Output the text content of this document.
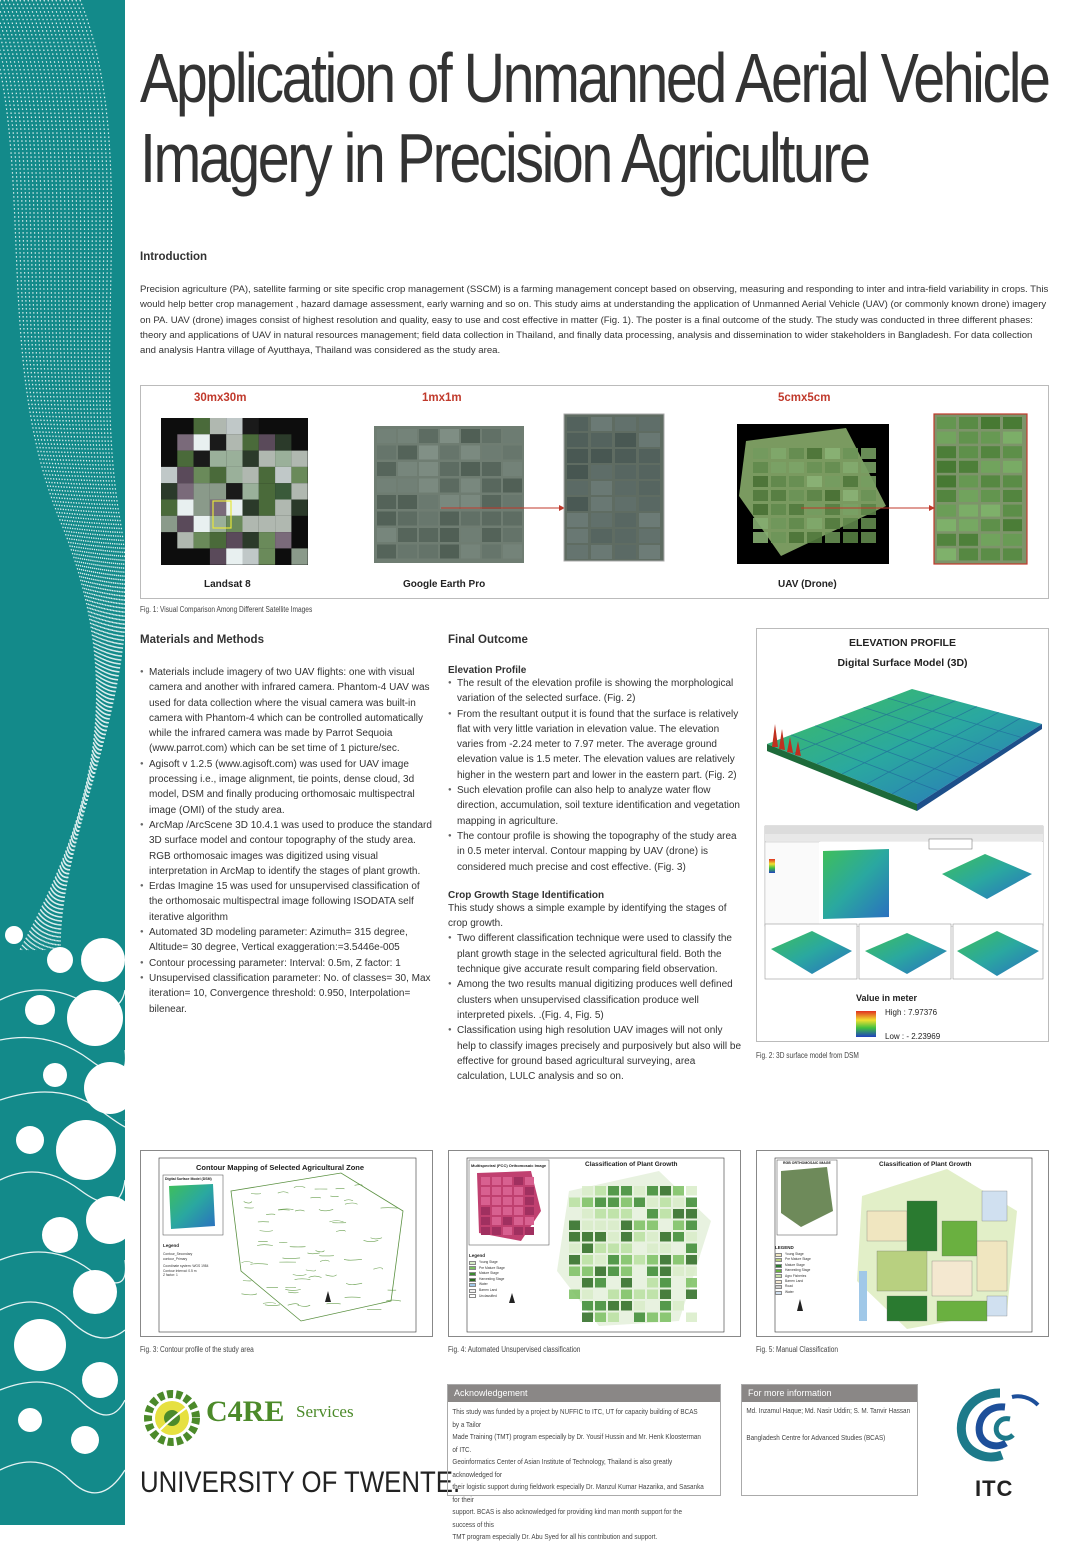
Application of Unmanned Aerial Vehicle
Imagery in Precision Agriculture
Introduction

Precision agriculture (PA), satellite farming or site specific crop management (SSCM) is a farming management concept based on observing, measuring and responding to inter and intra-field variability in crops. This would help better crop management , hazard damage assessment, early warning and so on. This study aims at understanding the application of Unmanned Aerial Vehicle (UAV) (or commonly known drone) imagery on PA. UAV (drone) images consist of highest resolution and quality, easy to use and cost effective in matter (Fig. 1). The poster is a final outcome of the study. The study was conducted in three different phases: theory and applications of UAV in natural resources management; field data collection in Thailand, and finally data processing, analysis and dissemination to wider stakeholders in Bangladesh. For data collection and analysis Hantra village of Ayutthaya, Thailand was considered as the study area.

30mx30m	1mx1m	5cmx5cm
Landsat 8	Google Earth Pro	UAV (Drone)
Fig. 1: Visual Comparison Among Different Satellite Images
Materials and Methods
● Materials include imagery of two UAV flights: one with visual camera and another with infrared camera. Phantom-4 UAV was used for data collection where the visual camera was built-in camera with Phantom-4 which can be controlled automatically while the infrared camera was made by Parrot Sequoia (www.parrot.com) which can be set time of 1 picture/sec.
● Agisoft v 1.2.5 (www.agisoft.com) was used for UAV image processing i.e., image alignment, tie points, dense cloud, 3d model, DSM and finally producing orthomosaic multispectral image (OMI) of the study area.
● ArcMap /ArcScene 3D 10.4.1 was used to produce the standard 3D surface model and contour topography of the study area. RGB orthomosaic images was digitized using visual interpretation in ArcMap to identify the stages of plant growth.
● Erdas Imagine 15 was used for unsupervised classification of the orthomosaic multispectral image following ISODATA self iterative algorithm
● Automated 3D modeling parameter: Azimuth= 315 degree, Altitude= 30 degree, Vertical exaggeration:=3.5446e-005
● Contour processing parameter: Interval: 0.5m, Z factor: 1
● Unsupervised classification parameter: No. of classes= 30, Max iteration= 10, Convergence threshold: 0.950, Interpolation= bilenear.
Final Outcome
Elevation Profile
● The result of the elevation profile is showing the morphological variation of the selected surface. (Fig. 2)
● From the resultant output it is found that the surface is relatively flat with very little variation in elevation value. The elevation varies from -2.24 meter to 7.97 meter. The average ground elevation value is 1.5 meter. The elevation values are relatively higher in the western part and lower in the eastern part. (Fig. 2)
● Such elevation profile can also help to analyze water flow direction, accumulation, soil texture identification and vegetation mapping in agriculture.
● The contour profile is showing the topography of the study area in 0.5 meter interval. Contour mapping by UAV (drone) is considered much precise and cost effective. (Fig. 3)
Crop Growth Stage Identification
This study shows a simple example by identifying the stages of crop growth.
● Two different classification technique were used to classify the plant growth stage in the selected agricultural field. Both the technique give accurate result comparing field observation.
● Among the two results manual digitizing produces well defined clusters when unsupervised classification produce well interpreted pixels. .(Fig. 4, Fig. 5)
● Classification using high resolution UAV images will not only help to classify images precisely and purposively but also will be effective for ground based agricultural surveying, area calculation, LULC analysis and so on.
ELEVATION PROFILE
Digital Surface Model (3D)
Value in meter
High : 7.97376
Low : - 2.23969
Fig. 2: 3D surface model from DSM
Contour Mapping of Selected Agricultural Zone
Digital Surface Model (DSM)
Legend
Contour_Secondary
contour_Primary
Coordinate system: WGS 1984
Contour Interval: 0.5 m
Z factor: 1
Fig. 3: Contour profile of the study area
Multispectral (FCC) Orthomosaic Image	Classification of Plant Growth
Legend
Young Stage
Pre Mature Stage
Mature Stage
Harvesting Stage
Water
Barren Land
Unclassified
Fig. 4: Automated Unsupervised classification
RGB ORTHOMOSAIC IMAGE	Classification of Plant Growth
LEGEND
Young Stage
Pre Mature Stage
Mature Stage
Harvesting Stage
Agro Fisheries
Barren Land
Road
Water
Fig. 5: Manual Classification
C4RE Services
UNIVERSITY OF TWENTE.
Acknowledgement
This study was funded by a project by NUFFIC to ITC, UT for capacity building of BCAS by a Tailor
Made Training (TMT) program especially by Dr. Yousif Hussin and Mr. Henk Kloosterman of ITC.
Geoinformatics Center of Asian Institute of Technology, Thailand is also greatly acknowledged for
their logistic support during fieldwork especially Dr. Manzul Kumar Hazarika, and Sasanka for their
support. BCAS is also acknowledged for providing kind man month support for the success of this
TMT program especially Dr. Abu Syed for all his contribution and support.
For more information
Md. Inzamul Haque; Md. Nasir Uddin; S. M. Tanvir Hassan
Bangladesh Centre for Advanced Studies (BCAS)
ITC
